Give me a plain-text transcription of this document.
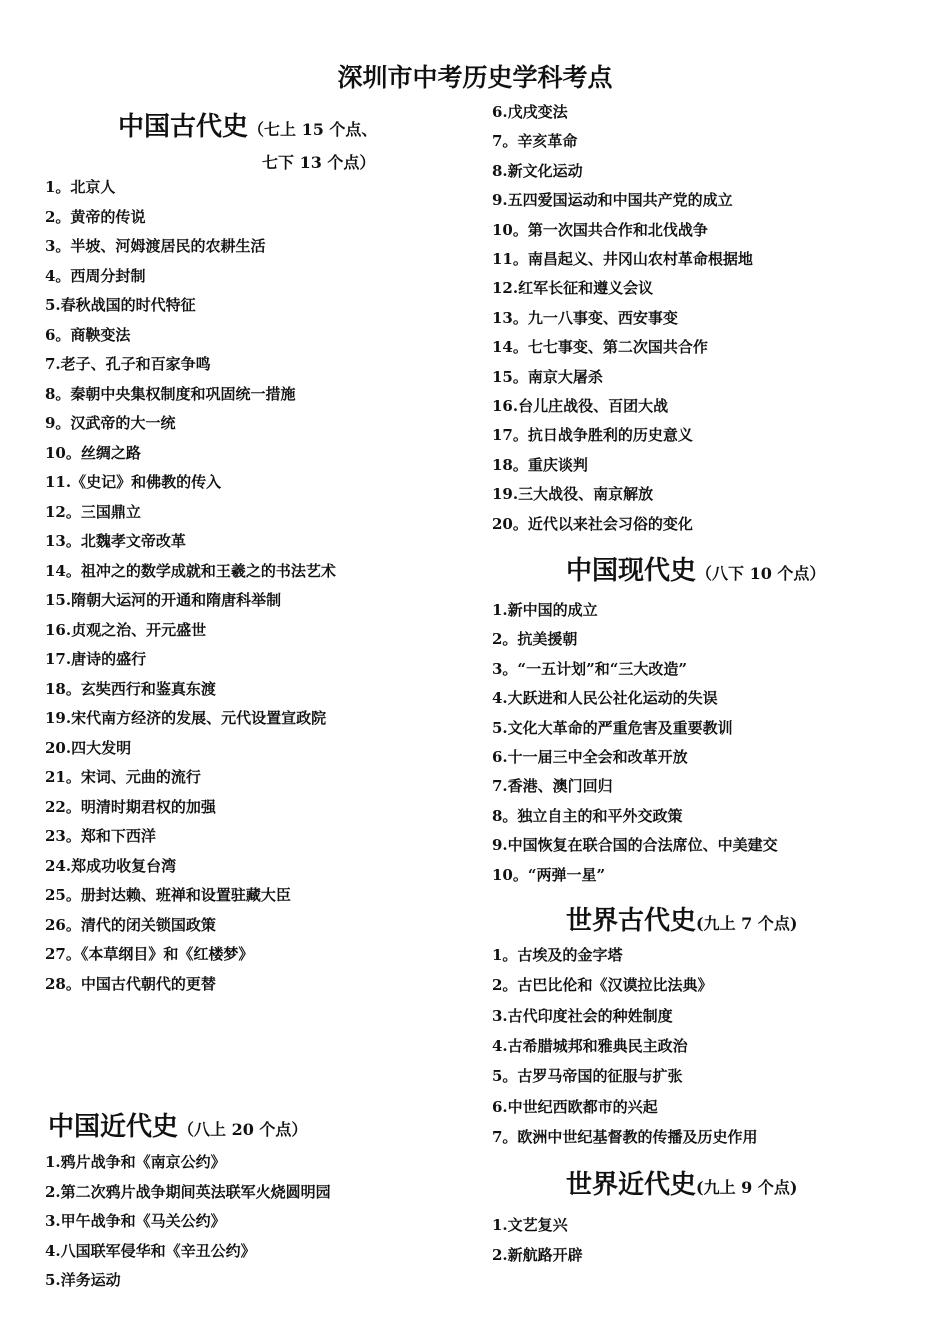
深圳市中考历史学科考点
中国古代史（七上 15 个点、
七下 13 个点）
1。北京人
2。黄帝的传说
3。半坡、河姆渡居民的农耕生活
4。西周分封制
5.春秋战国的时代特征
6。商鞅变法
7.老子、孔子和百家争鸣
8。秦朝中央集权制度和巩固统一措施
9。汉武帝的大一统
10。丝绸之路
11.《史记》和佛教的传入
12。三国鼎立
13。北魏孝文帝改革
14。祖冲之的数学成就和王羲之的书法艺术
15.隋朝大运河的开通和隋唐科举制
16.贞观之治、开元盛世
17.唐诗的盛行
18。玄奘西行和鉴真东渡
19.宋代南方经济的发展、元代设置宣政院
20.四大发明
21。宋词、元曲的流行
22。明清时期君权的加强
23。郑和下西洋
24.郑成功收复台湾
25。册封达赖、班禅和设置驻藏大臣
26。清代的闭关锁国政策
27。《本草纲目》和《红楼梦》
28。中国古代朝代的更替
中国近代史（八上 20 个点）
1.鸦片战争和《南京公约》
2.第二次鸦片战争期间英法联军火烧圆明园
3.甲午战争和《马关公约》
4.八国联军侵华和《辛丑公约》
5.洋务运动
6.戊戌变法
7。辛亥革命
8.新文化运动
9.五四爱国运动和中国共产党的成立
10。第一次国共合作和北伐战争
11。南昌起义、井冈山农村革命根据地
12.红军长征和遵义会议
13。九一八事变、西安事变
14。七七事变、第二次国共合作
15。南京大屠杀
16.台儿庄战役、百团大战
17。抗日战争胜利的历史意义
18。重庆谈判
19.三大战役、南京解放
20。近代以来社会习俗的变化
中国现代史（八下 10 个点）
1.新中国的成立
2。抗美援朝
3。“一五计划”和“三大改造”
4.大跃进和人民公社化运动的失误
5.文化大革命的严重危害及重要教训
6.十一届三中全会和改革开放
7.香港、澳门回归
8。独立自主的和平外交政策
9.中国恢复在联合国的合法席位、中美建交
10。“两弹一星”
世界古代史(九上 7 个点)
1。古埃及的金字塔
2。古巴比伦和《汉谟拉比法典》
3.古代印度社会的种姓制度
4.古希腊城邦和雅典民主政治
5。古罗马帝国的征服与扩张
6.中世纪西欧都市的兴起
7。欧洲中世纪基督教的传播及历史作用
世界近代史(九上 9 个点)
1.文艺复兴
2.新航路开辟
